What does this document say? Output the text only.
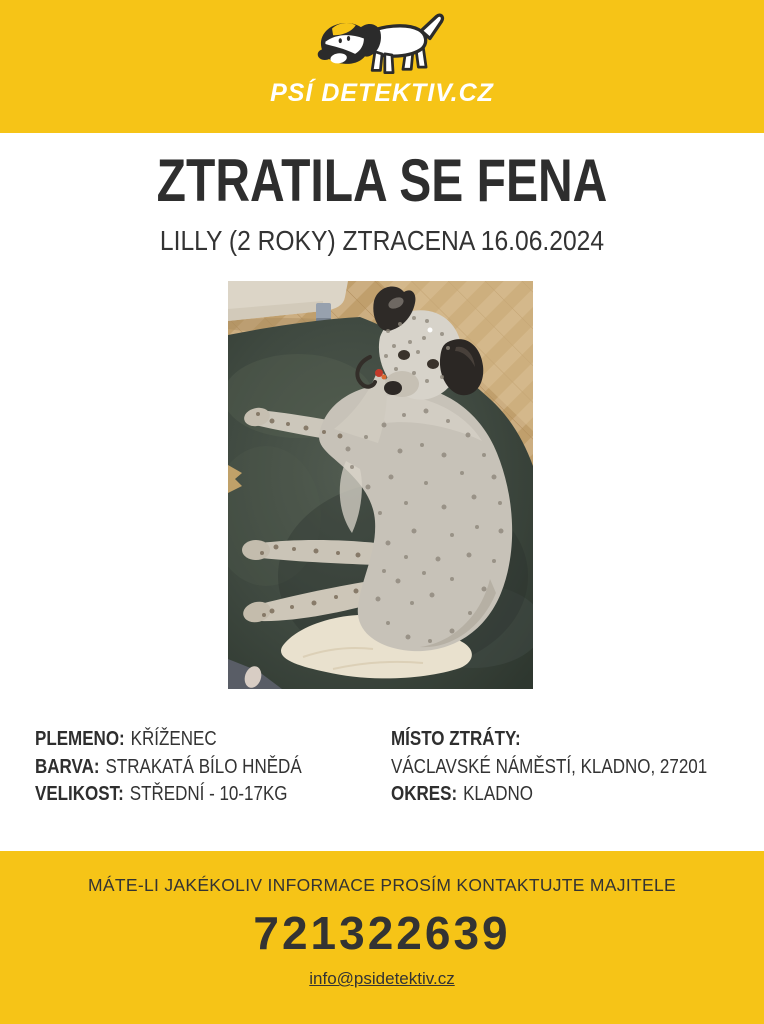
PSÍ DETEKTIV.CZ
ZTRATILA SE FENA
LILLY (2 ROKY) ZTRACENA 16.06.2024
PLEMENO: KŘÍŽENEC
BARVA: STRAKATÁ BÍLO HNĚDÁ
VELIKOST: STŘEDNÍ - 10-17KG
MÍSTO ZTRÁTY:
VÁCLAVSKÉ NÁMĚSTÍ, KLADNO, 27201
OKRES: KLADNO
MÁTE-LI JAKÉKOLIV INFORMACE PROSÍM KONTAKTUJTE MAJITELE
721322639
info@psidetektiv.cz
